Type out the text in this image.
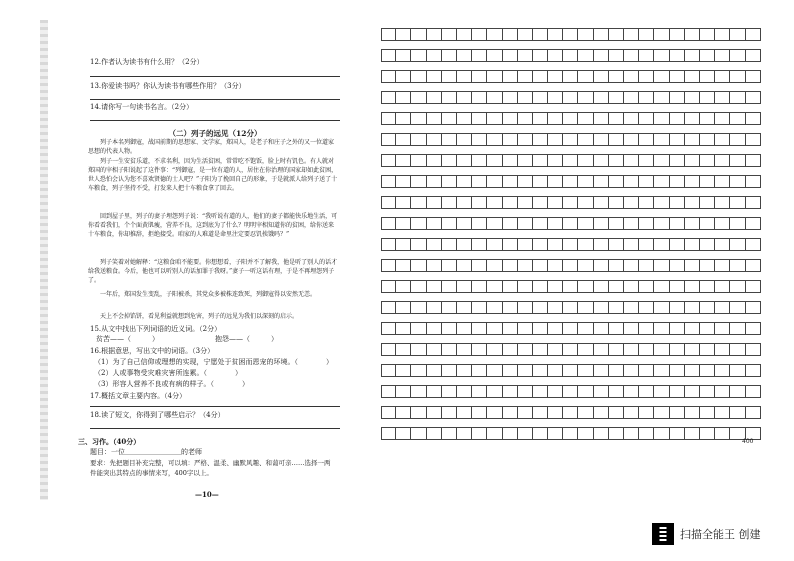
12.作者认为读书有什么用？（2分）
13.你爱读书吗？你认为读书有哪些作用？（3分）
14.请你写一句读书名言。（2分）
（二）列子的远见（12分）
列子本名列御寇，战国前期的思想家、文学家，郑国人，是老子和庄子之外的又一位道家思想的代表人物。
列子一生安贫乐道，不求名利，因为生活贫困，常常吃不饱饭，脸上时有饥色。有人就对郑国的宰相子阳说起了这件事：“列御寇，是一位有道的人，居住在你治理的国家却如此贫困，世人恐怕会认为您不喜欢贤德的士人吧？”子阳为了挽回自己的形象，于是就派人给列子送了十车粮食，列子坚持不受，打发来人把十车粮食拿了回去。
回到屋子里，列子的妻子埋怨列子说：“我听说有道的人，他们的妻子都能快乐地生活，可你看看我们，个个面黄肌瘦，营养不良，这到底为了什么？明明宰相知道你的贫困，给你送来十车粮食，你却推辞，拒绝接受。咱家的人难道是命里注定要忍饥挨饿吗？”
列子笑着对她解释：“这粮食咱不能要。你想想看，子阳并不了解我，他是听了别人的话才给我送粮食。今后，他也可以听别人的话加罪于我呀。”妻子一听这话有理，于是不再埋怨列子了。
一年后，郑国发生变乱，子阳被杀，其党众多被株连致死，列御寇得以安然无恙。
天上不会掉馅饼，看见利益就想到危害，列子的远见为我们以深刻的启示。
15.从文中找出下列词语的近义词。（2分）
贫苦——（　　　）	抱怨——（　　　）
16.根据意思，写出文中的词语。（3分）
（1）为了自己信仰或理想的实现，宁愿处于贫困而恩宠的环境。（　　　　）
（2）人或事物受灾难灾害所连累。（　　　　）
（3）形容人营养不良或有病的样子。（　　　　）
17.概括文章主要内容。（4分）
18.读了短文，你得到了哪些启示？（4分）
三、习作。（40分）
题目：一位＿＿＿＿＿＿＿＿的老师
要求：先把题目补充完整，可以填：严格、温柔、幽默风趣、和蔼可亲……选择一两
件能突出其特点的事情来写，400字以上。
—10—
400
扫描全能王 创建
